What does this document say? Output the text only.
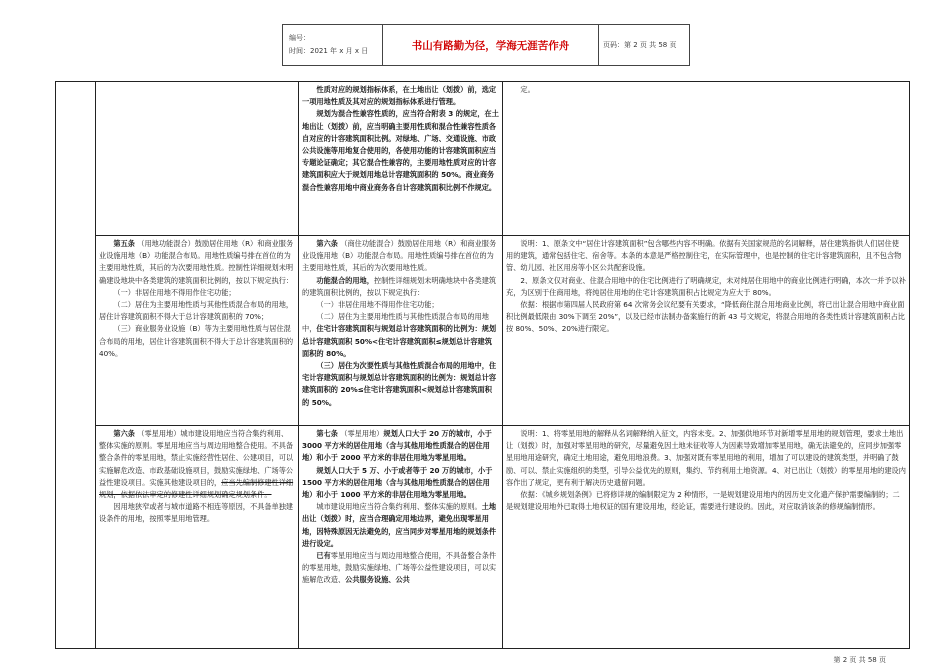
编号：
时间：2021 年 x 月 x 日	书山有路勤为径，学海无涯苦作舟	页码：第 2 页 共 58 页

性质对应的规划指标体系，在土地出让（划拨）前，选定一项用地性质及其对应的规划指标体系进行管理。

规划为混合性兼容性质的，应当符合附表 3 的规定，在土地出让（划拨）前，应当明确主要用性质和混合性兼容性质各自对应的计容建筑面积比例。对绿地、广场、交通设施、市政公共设施等用地复合使用的，各使用功能的计容建筑面积应当专题论证确定；其它混合性兼容的，主要用地性质对应的计容建筑面积应大于规划用地总计容建筑面积的 50%。商业商务混合性兼容用地中商业商务各自计容建筑面积比例不作规定。

定。

第五条 （用地功能混合）鼓励居住用地（R）和商业服务业设施用地（B）功能混合布局。用地性质编号排在首位的为主要用地性质，其后的为次要用地性质。控制性详细规划未明确建设地块中各类建筑的建筑面积比例的，按以下规定执行：

（一）非居住用地不得用作住宅功能；

（二）居住为主要用地性质与其他性质混合布局的用地，居住计容建筑面积不得大于总计容建筑面积的 70%；

（三）商业服务业设施（B）等为主要用地性质与居住混合布局的用地，居住计容建筑面积不得大于总计容建筑面积的 40%。

第六条 （商住功能混合）鼓励居住用地（R）和商业服务业设施用地（B）功能混合布局。用地性质编号排在首位的为主要用地性质，其后的为次要用地性质。

功能混合的用地，控制性详细规划未明确地块中各类建筑的建筑面积比例的，按以下规定执行：

（一）非居住用地不得用作住宅功能；

（二）居住为主要用地性质与其他性质混合布局的用地中，住宅计容建筑面积与规划总计容建筑面积的比例为：规划总计容建筑面积 50%<住宅计容建筑面积≤规划总计容建筑面积的 80%。

（三）居住为次要性质与其他性质混合布局的用地中，住宅计容建筑面积与规划总计容建筑面积的比例为：规划总计容建筑面积的 20%≤住宅计容建筑面积<规划总计容建筑面积的 50%。

说明：1、原条文中“居住计容建筑面积”包含哪些内容不明确。依据有关国家规范的名词解释，居住建筑指供人们居住使用的建筑，通常包括住宅、宿舍等。本条的本意是严格控制住宅，在实际管理中，也是控制的住宅计容建筑面积，且不包含物管、幼儿园、社区用房等小区公共配套设施。

2、原条文仅对商业、住混合用地中的住宅比例进行了明确规定，未对纯居住用地中的商业比例进行明确，本次一并予以补充，为区别于住商用地，将纯居住用地的住宅计容建筑面积占比规定为应大于 80%。

依据：根据市第四届人民政府第 64 次常务会议纪要有关要求，“降低商住混合用地商业比例，将已出让混合用地中商业面积比例最低限由 30%下调至 20%”，以及已经市法制办备案施行的新 43 号文规定，将混合用地的各类性质计容建筑面积占比按 80%、50%、20%进行限定。

第六条 （零星用地）城市建设用地应当符合集约利用、整体实施的原则。零星用地应当与周边用地整合使用。不具备整合条件的零星用地，禁止实施经营性居住、公建项目，可以实施解危改造、市政基础设施项目，鼓励实施绿地、广场等公益性建设项目。实施其他建设项目的，应当先编制修建性详细规划，依据依法审定的修建性详细规划确定规划条件。

因用地狭窄或者与城市道路不相连等原因，不具备单独建设条件的用地，按照零星用地管理。

第七条 （零星用地）规划人口大于 20 万的城市，小于 3000 平方米的居住用地（含与其他用地性质混合的居住用地）和小于 2000 平方米的非居住用地为零星用地。

规划人口大于 5 万、小于或者等于 20 万的城市，小于 1500 平方米的居住用地（含与其他用地性质混合的居住用地）和小于 1000 平方米的非居住用地为零星用地。

城市建设用地应当符合集约利用、整体实施的原则。土地出让（划拨）时，应当合理确定用地边界，避免出现零星用地，因特殊原因无法避免的，应当同步对零星用地的规划条件进行设定。

已有零星用地应当与周边用地整合使用，不具备整合条件的零星用地，鼓励实施绿地、广场等公益性建设项目，可以实施解危改造、公共服务设施、公共

说明：1、将零星用地的解释从名词解释纳入征文，内容未变。2、加强供地环节对新增零星用地的规划管理，要求土地出让（划拨）时，加强对零星用地的研究，尽量避免因土地未征收等人为因素导致增加零星用地，确无法避免的，应同步加强零星用地用途研究，确定土地用途，避免用地浪费。3、加强对既有零星用地的利用，增加了可以建设的建筑类型，并明确了鼓励、可以、禁止实施组织的类型，引导公益优先的原则，集约、节约利用土地资源。4、对已出让（划拨）的零星用地的建设内容作出了规定，更有利于解决历史遗留问题。

依据：《城乡规划条例》已将修详规的编制限定为 2 种情形，一是规划建设用地内的因历史文化遗产保护需要编制的；二是规划建设用地外已取得土地权证的国有建设用地，经论证，需要进行建设的。因此，对应取消该条的修规编制情形。

第 2 页 共 58 页
